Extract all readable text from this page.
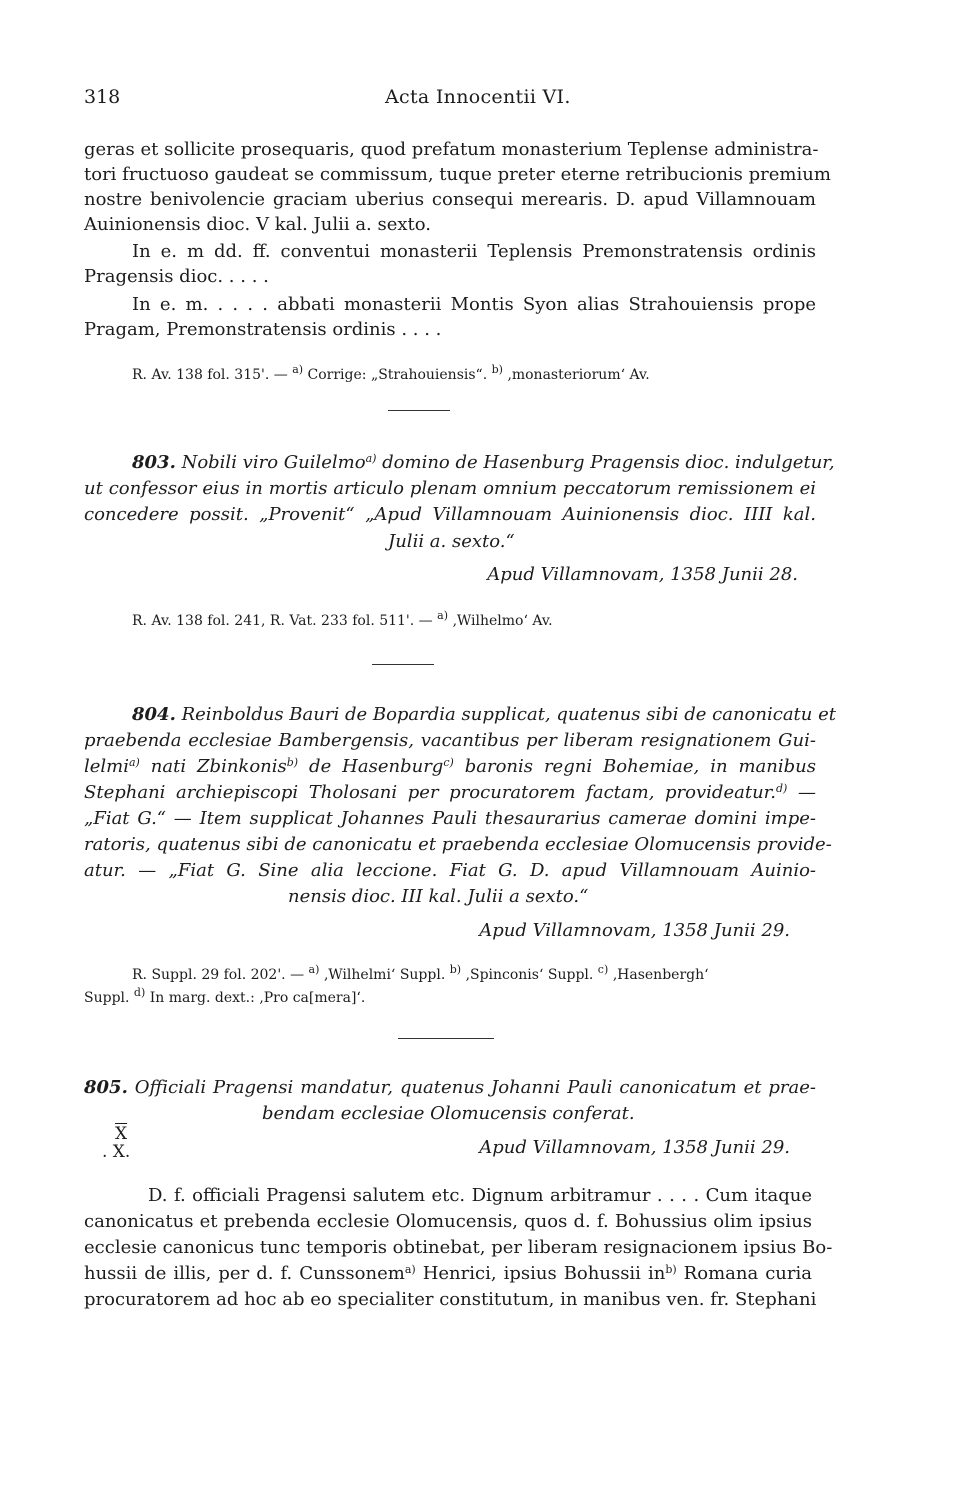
318	Acta Innocentii VI.
geras et sollicite prosequaris, quod prefatum monasterium Teplense administra-
tori fructuoso gaudeat se commissum, tuque preter eterne retribucionis premium
nostre benivolencie graciam uberius consequi merearis. D. apud Villamnouam
Auinionensis dioc. V kal. Julii a. sexto.
In e. m dd. ff. conventui monasterii Teplensis Premonstratensis ordinis
Pragensis dioc. . . . .
In e. m. . . . . abbati monasterii Montis Syon alias Strahouiensis prope
Pragam, Premonstratensis ordinis . . . .
R. Av. 138 fol. 315'. — $^{a)}$ Corrige: „Strahouiensis“. $^{b)}$ ‚monasteriorum‘ Av.
803. Nobili viro Guilelmo$^{a)}$ domino de Hasenburg Pragensis dioc. indulgetur,
ut confessor eius in mortis articulo plenam omnium peccatorum remissionem ei
concedere possit. „Provenit“ „Apud Villamnouam Auinionensis dioc. IIII kal.
Julii a. sexto.“
Apud Villamnovam, 1358 Junii 28.
R. Av. 138 fol. 241, R. Vat. 233 fol. 511'. — $^{a)}$ ‚Wilhelmo‘ Av.
804. Reinboldus Bauri de Bopardia supplicat, quatenus sibi de canonicatu et
praebenda ecclesiae Bambergensis, vacantibus per liberam resignationem Gui-
lelmi$^{a)}$ nati Zbinkonis$^{b)}$ de Hasenburg$^{c)}$ baronis regni Bohemiae, in manibus
Stephani archiepiscopi Tholosani per procuratorem factam, provideatur.$^{d)}$ —
„Fiat G.“ — Item supplicat Johannes Pauli thesaurarius camerae domini impe-
ratoris, quatenus sibi de canonicatu et praebenda ecclesiae Olomucensis provide-
atur. — „Fiat G. Sine alia leccione. Fiat G. D. apud Villamnouam Auinio-
nensis dioc. III kal. Julii a sexto.“
Apud Villamnovam, 1358 Junii 29.
R. Suppl. 29 fol. 202'. — $^{a)}$ ‚Wilhelmi‘ Suppl. $^{b)}$ ‚Spinconis‘ Suppl. $^{c)}$ ‚Hasenbergh‘
Suppl. $^{d)}$ In marg. dext.: ‚Pro ca[mera]‘.
805. Officiali Pragensi mandatur, quatenus Johanni Pauli canonicatum et prae-
bendam ecclesiae Olomucensis conferat.
$\overline{X}$
. X.	Apud Villamnovam, 1358 Junii 29.
D. f. officiali Pragensi salutem etc. Dignum arbitramur . . . . Cum itaque
canonicatus et prebenda ecclesie Olomucensis, quos d. f. Bohussius olim ipsius
ecclesie canonicus tunc temporis obtinebat, per liberam resignacionem ipsius Bo-
hussii de illis, per d. f. Cunssonem$^{a)}$ Henrici, ipsius Bohussii $in^{b)}$ Romana curia
procuratorem ad hoc ab eo specialiter constitutum, in manibus ven. fr. Stephani
